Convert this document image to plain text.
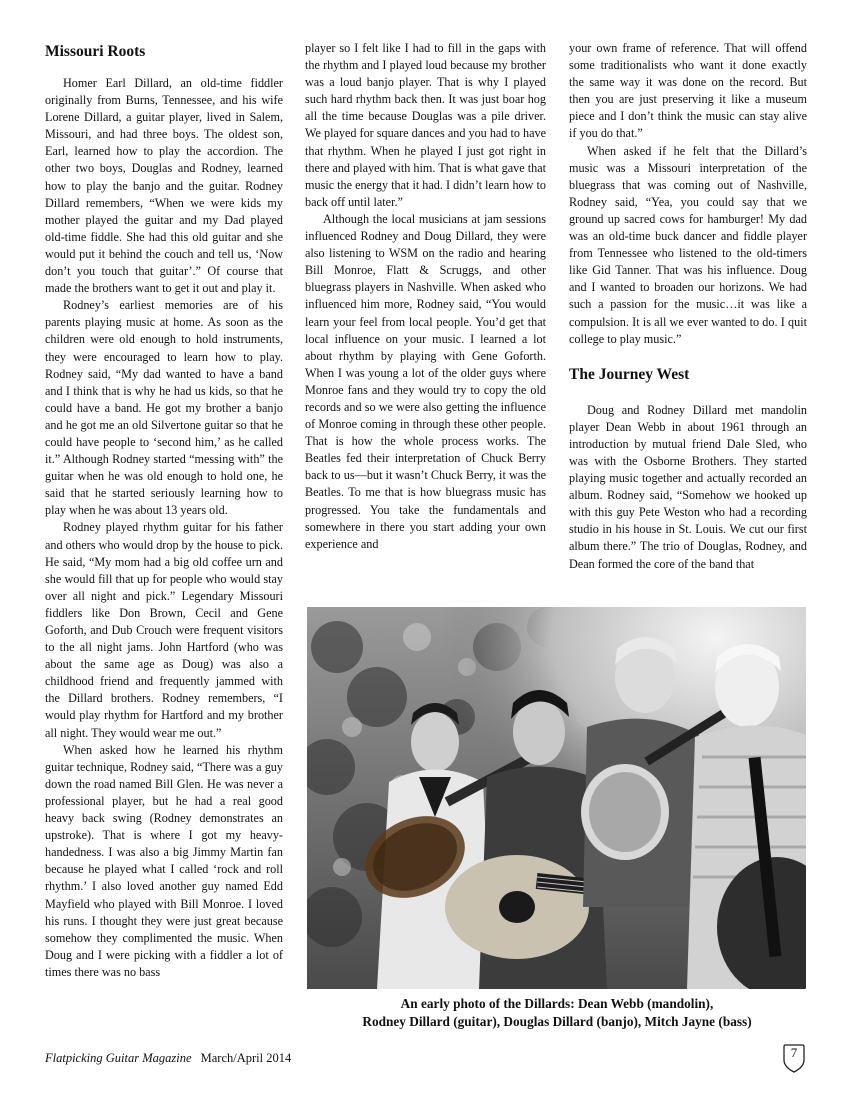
Missouri Roots

Homer Earl Dillard, an old-time fiddler originally from Burns, Tennessee, and his wife Lorene Dillard, a guitar player, lived in Salem, Missouri, and had three boys. The oldest son, Earl, learned how to play the accordion. The other two boys, Douglas and Rodney, learned how to play the banjo and the guitar. Rodney Dillard remembers, “When we were kids my mother played the guitar and my Dad played old-time fiddle. She had this old guitar and she would put it behind the couch and tell us, ‘Now don’t you touch that guitar’.” Of course that made the brothers want to get it out and play it.

Rodney’s earliest memories are of his parents playing music at home. As soon as the children were old enough to hold instruments, they were encouraged to learn how to play. Rodney said, “My dad wanted to have a band and I think that is why he had us kids, so that he could have a band. He got my brother a banjo and he got me an old Silvertone guitar so that he could have people to ‘second him,’ as he called it.” Although Rodney started “messing with” the guitar when he was old enough to hold one, he said that he started seriously learning how to play when he was about 13 years old.

Rodney played rhythm guitar for his father and others who would drop by the house to pick. He said, “My mom had a big old coffee urn and she would fill that up for people who would stay over all night and pick.” Legendary Missouri fiddlers like Don Brown, Cecil and Gene Goforth, and Dub Crouch were frequent visitors to the all night jams. John Hartford (who was about the same age as Doug) was also a childhood friend and frequently jammed with the Dillard brothers. Rodney remembers, “I would play rhythm for Hartford and my brother all night. They would wear me out.”

When asked how he learned his rhythm guitar technique, Rodney said, “There was a guy down the road named Bill Glen. He was never a professional player, but he had a real good heavy back swing (Rodney demonstrates an upstroke). That is where I got my heavy-handedness. I was also a big Jimmy Martin fan because he played what I called ‘rock and roll rhythm.’ I also loved another guy named Edd Mayfield who played with Bill Monroe. I loved his runs. I thought they were just great because somehow they complimented the music. When Doug and I were picking with a fiddler a lot of times there was no bass

player so I felt like I had to fill in the gaps with the rhythm and I played loud because my brother was a loud banjo player. That is why I played such hard rhythm back then. It was just boar hog all the time because Douglas was a pile driver. We played for square dances and you had to have that rhythm. When he played I just got right in there and played with him. That is what gave that music the energy that it had. I didn’t learn how to back off until later.”

Although the local musicians at jam sessions influenced Rodney and Doug Dillard, they were also listening to WSM on the radio and hearing Bill Monroe, Flatt & Scruggs, and other bluegrass players in Nashville. When asked who influenced him more, Rodney said, “You would learn your feel from local people. You’d get that local influence on your music. I learned a lot about rhythm by playing with Gene Goforth. When I was young a lot of the older guys where Monroe fans and they would try to copy the old records and so we were also getting the influence of Monroe coming in through these other people. That is how the whole process works. The Beatles fed their interpretation of Chuck Berry back to us—but it wasn’t Chuck Berry, it was the Beatles. To me that is how bluegrass music has progressed. You take the fundamentals and somewhere in there you start adding your own experience and

your own frame of reference. That will offend some traditionalists who want it done exactly the same way it was done on the record. But then you are just preserving it like a museum piece and I don’t think the music can stay alive if you do that.”

When asked if he felt that the Dillard’s music was a Missouri interpretation of the bluegrass that was coming out of Nashville, Rodney said, “Yea, you could say that we ground up sacred cows for hamburger! My dad was an old-time buck dancer and fiddle player from Tennessee who listened to the old-timers like Gid Tanner. That was his influence. Doug and I wanted to broaden our horizons. We had such a passion for the music…it was like a compulsion. It is all we ever wanted to do. I quit college to play music.”

The Journey West

Doug and Rodney Dillard met mandolin player Dean Webb in about 1961 through an introduction by mutual friend Dale Sled, who was with the Osborne Brothers. They started playing music together and actually recorded an album. Rodney said, “Somehow we hooked up with this guy Pete Weston who had a recording studio in his house in St. Louis. We cut our first album there.” The trio of Douglas, Rodney, and Dean formed the core of the band that

An early photo of the Dillards: Dean Webb (mandolin),
Rodney Dillard (guitar), Douglas Dillard (banjo), Mitch Jayne (bass)
Flatpicking Guitar Magazine March/April 2014	7
